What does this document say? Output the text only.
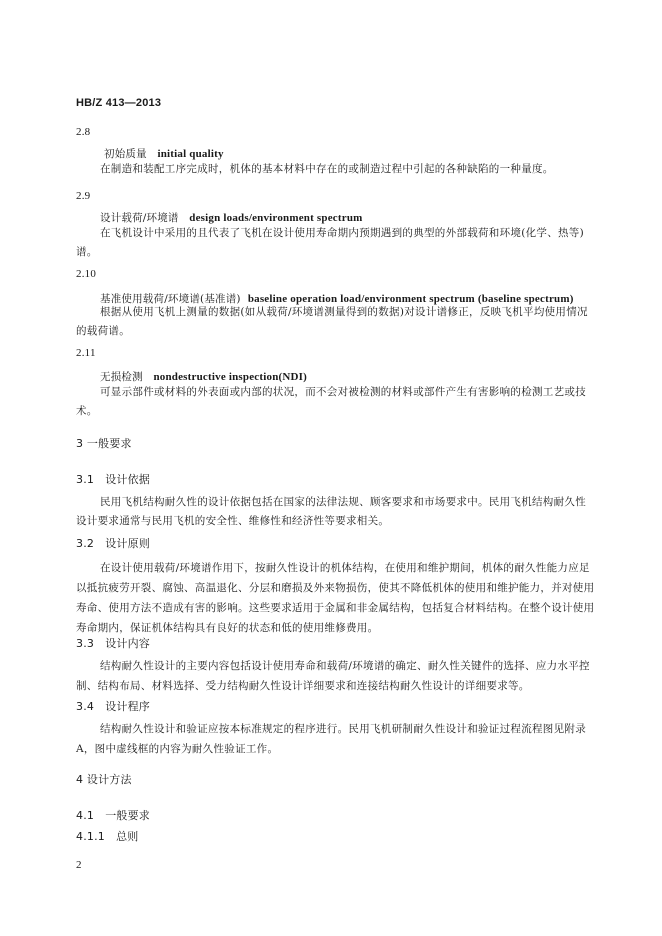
HB/Z 413—2013
2.8
初始质量 initial quality
在制造和装配工序完成时，机体的基本材料中存在的或制造过程中引起的各种缺陷的一种量度。
2.9
设计载荷/环境谱 design loads/environment spectrum
在飞机设计中采用的且代表了飞机在设计使用寿命期内预期遇到的典型的外部载荷和环境(化学、热等)谱。
2.10
基准使用载荷/环境谱(基准谱) baseline operation load/environment spectrum (baseline spectrum)
根据从使用飞机上测量的数据(如从载荷/环境谱测量得到的数据)对设计谱修正，反映飞机平均使用情况的载荷谱。
2.11
无损检测 nondestructive inspection(NDI)
可显示部件或材料的外表面或内部的状况，而不会对被检测的材料或部件产生有害影响的检测工艺或技术。
3 一般要求
3.1 设计依据
民用飞机结构耐久性的设计依据包括在国家的法律法规、顾客要求和市场要求中。民用飞机结构耐久性设计要求通常与民用飞机的安全性、维修性和经济性等要求相关。
3.2 设计原则
在设计使用载荷/环境谱作用下，按耐久性设计的机体结构，在使用和维护期间，机体的耐久性能力应足以抵抗疲劳开裂、腐蚀、高温退化、分层和磨损及外来物损伤，使其不降低机体的使用和维护能力，并对使用寿命、使用方法不造成有害的影响。这些要求适用于金属和非金属结构，包括复合材料结构。在整个设计使用寿命期内，保证机体结构具有良好的状态和低的使用维修费用。
3.3 设计内容
结构耐久性设计的主要内容包括设计使用寿命和载荷/环境谱的确定、耐久性关键件的选择、应力水平控制、结构布局、材料选择、受力结构耐久性设计详细要求和连接结构耐久性设计的详细要求等。
3.4 设计程序
结构耐久性设计和验证应按本标准规定的程序进行。民用飞机研制耐久性设计和验证过程流程图见附录A，图中虚线框的内容为耐久性验证工作。
4 设计方法
4.1 一般要求
4.1.1 总则
2
